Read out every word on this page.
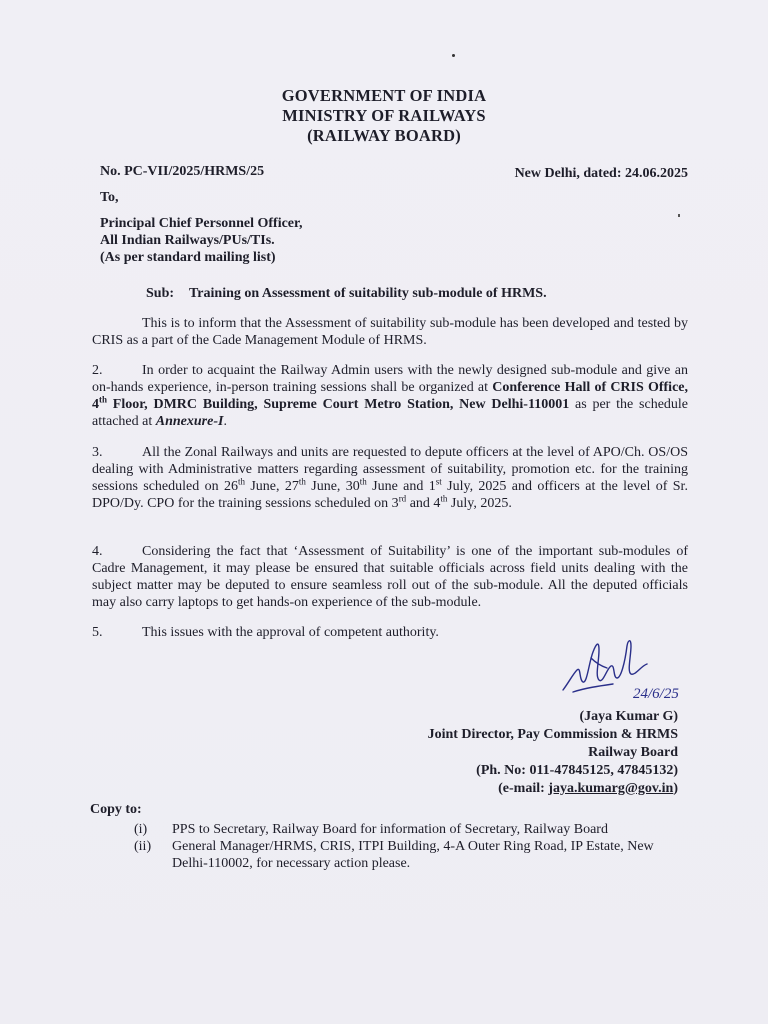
GOVERNMENT OF INDIA
MINISTRY OF RAILWAYS
(RAILWAY BOARD)
No. PC-VII/2025/HRMS/25	New Delhi, dated: 24.06.2025
To,
Principal Chief Personnel Officer,
All Indian Railways/PUs/TIs.
(As per standard mailing list)
Sub: Training on Assessment of suitability sub-module of HRMS.
This is to inform that the Assessment of suitability sub-module has been developed and tested by CRIS as a part of the Cade Management Module of HRMS.
2.	In order to acquaint the Railway Admin users with the newly designed sub-module and give an on-hands experience, in-person training sessions shall be organized at Conference Hall of CRIS Office, 4th Floor, DMRC Building, Supreme Court Metro Station, New Delhi-110001 as per the schedule attached at Annexure-I.
3.	All the Zonal Railways and units are requested to depute officers at the level of APO/Ch. OS/OS dealing with Administrative matters regarding assessment of suitability, promotion etc. for the training sessions scheduled on 26th June, 27th June, 30th June and 1st July, 2025 and officers at the level of Sr. DPO/Dy. CPO for the training sessions scheduled on 3rd and 4th July, 2025.
4.	Considering the fact that ‘Assessment of Suitability’ is one of the important sub-modules of Cadre Management, it may please be ensured that suitable officials across field units dealing with the subject matter may be deputed to ensure seamless roll out of the sub-module. All the deputed officials may also carry laptops to get hands-on experience of the sub-module.
5.	This issues with the approval of competent authority.
24/6/25
(Jaya Kumar G)
Joint Director, Pay Commission & HRMS
Railway Board
(Ph. No: 011-47845125, 47845132)
(e-mail: jaya.kumarg@gov.in)
Copy to:
(i) PPS to Secretary, Railway Board for information of Secretary, Railway Board
(ii) General Manager/HRMS, CRIS, ITPI Building, 4-A Outer Ring Road, IP Estate, New Delhi-110002, for necessary action please.
